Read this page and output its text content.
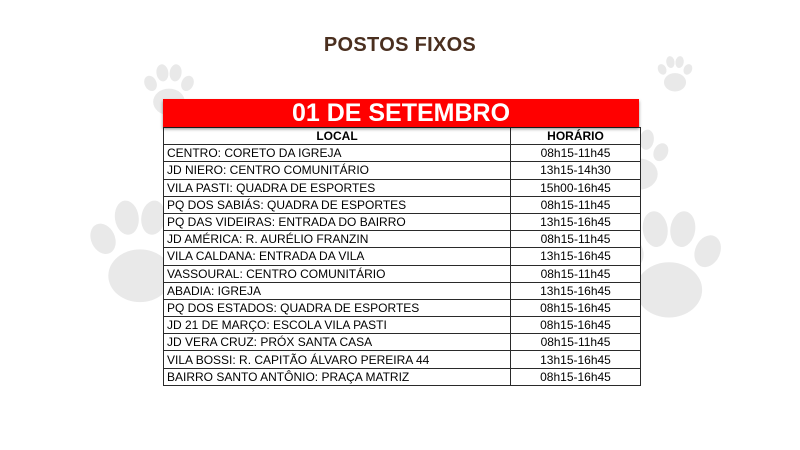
POSTOS FIXOS
01 DE SETEMBRO
LOCAL	HORÁRIO
CENTRO: CORETO DA IGREJA	08h15-11h45
JD NIERO: CENTRO COMUNITÁRIO	13h15-14h30
VILA PASTI: QUADRA DE ESPORTES	15h00-16h45
PQ DOS SABIÁS: QUADRA DE ESPORTES	08h15-11h45
PQ DAS VIDEIRAS: ENTRADA DO BAIRRO	13h15-16h45
JD AMÉRICA: R. AURÉLIO FRANZIN	08h15-11h45
VILA CALDANA: ENTRADA DA VILA	13h15-16h45
VASSOURAL: CENTRO COMUNITÁRIO	08h15-11h45
ABADIA: IGREJA	13h15-16h45
PQ DOS ESTADOS: QUADRA DE ESPORTES	08h15-16h45
JD 21 DE MARÇO: ESCOLA VILA PASTI	08h15-16h45
JD VERA CRUZ: PRÓX SANTA CASA	08h15-11h45
VILA BOSSI: R. CAPITÃO ÁLVARO PEREIRA 44	13h15-16h45
BAIRRO SANTO ANTÔNIO: PRAÇA MATRIZ	08h15-16h45
